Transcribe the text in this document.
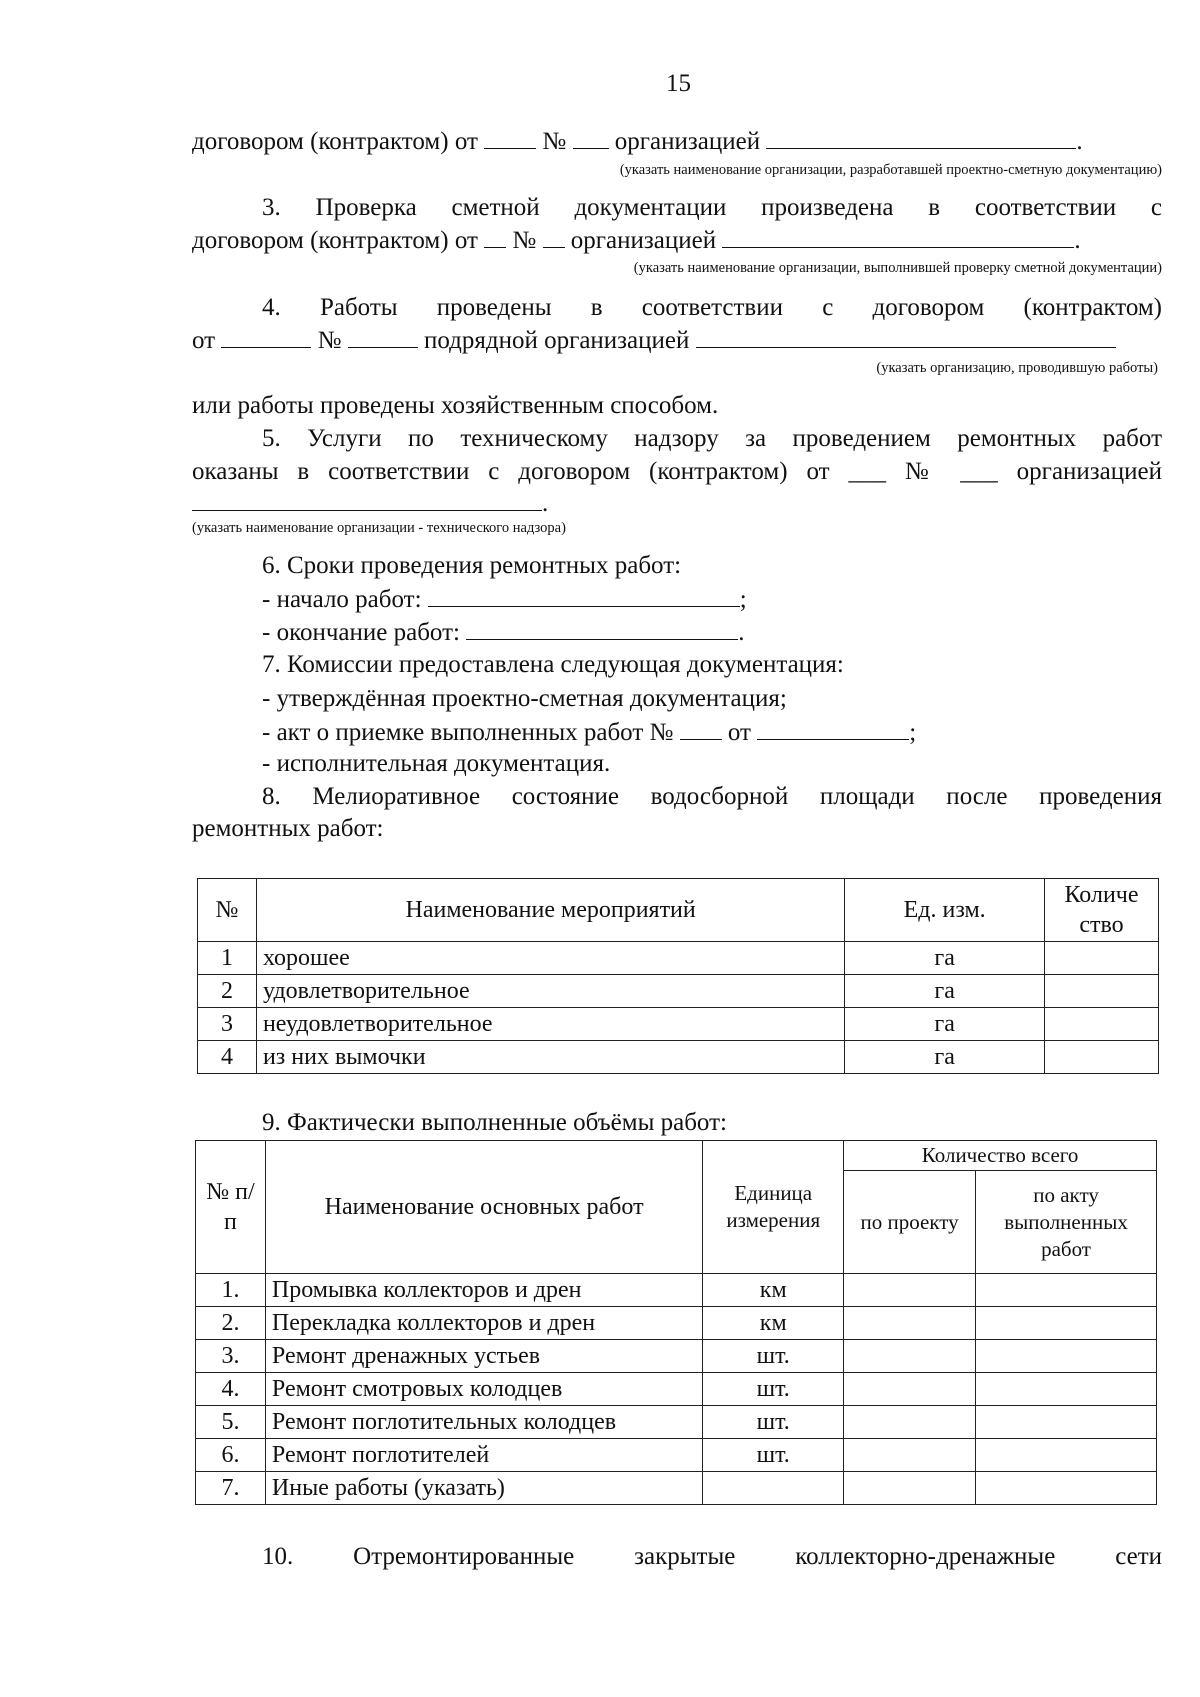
15
договором (контрактом) от	№ организацией	.
(указать наименование организации, разработавшей проектно-сметную документацию)
3. Проверка сметной документации произведена в соответствии с
договором (контрактом) от № организацией	.
(указать наименование организации, выполнившей проверку сметной документации)
4. Работы проведены в соответствии с договором (контрактом)
от	№	подрядной организацией
(указать организацию, проводившую работы)
или работы проведены хозяйственным способом.
5. Услуги по техническому надзору за проведением ремонтных работ
оказаны в соответствии с договором (контрактом) от ___ № ___ организацией
.
(указать наименование организации - технического надзора)
6. Сроки проведения ремонтных работ:
- начало работ:	;
- окончание работ:	.
7. Комиссии предоставлена следующая документация:
- утверждённая проектно-сметная документация;
- акт о приемке выполненных работ № от	;
- исполнительная документация.
8. Мелиоративное состояние водосборной площади после проведения
ремонтных работ:
№	Наименование мероприятий	Ед. изм.	Количе ство
1	хорошее	га	
2	удовлетворительное	га	
3	неудовлетворительное	га	
4	из них вымочки	га	
9. Фактически выполненные объёмы работ:
№ п/п	Наименование основных работ	Единица измерения	Количество всего	
			по проекту	по акту выполненных работ
1.	Промывка коллекторов и дрен	км		
2.	Перекладка коллекторов и дрен	км		
3.	Ремонт дренажных устьев	шт.		
4.	Ремонт смотровых колодцев	шт.		
5.	Ремонт поглотительных колодцев	шт.		
6.	Ремонт поглотителей	шт.		
7.	Иные работы (указать)			
10. Отремонтированные закрытые коллекторно-дренажные сети
